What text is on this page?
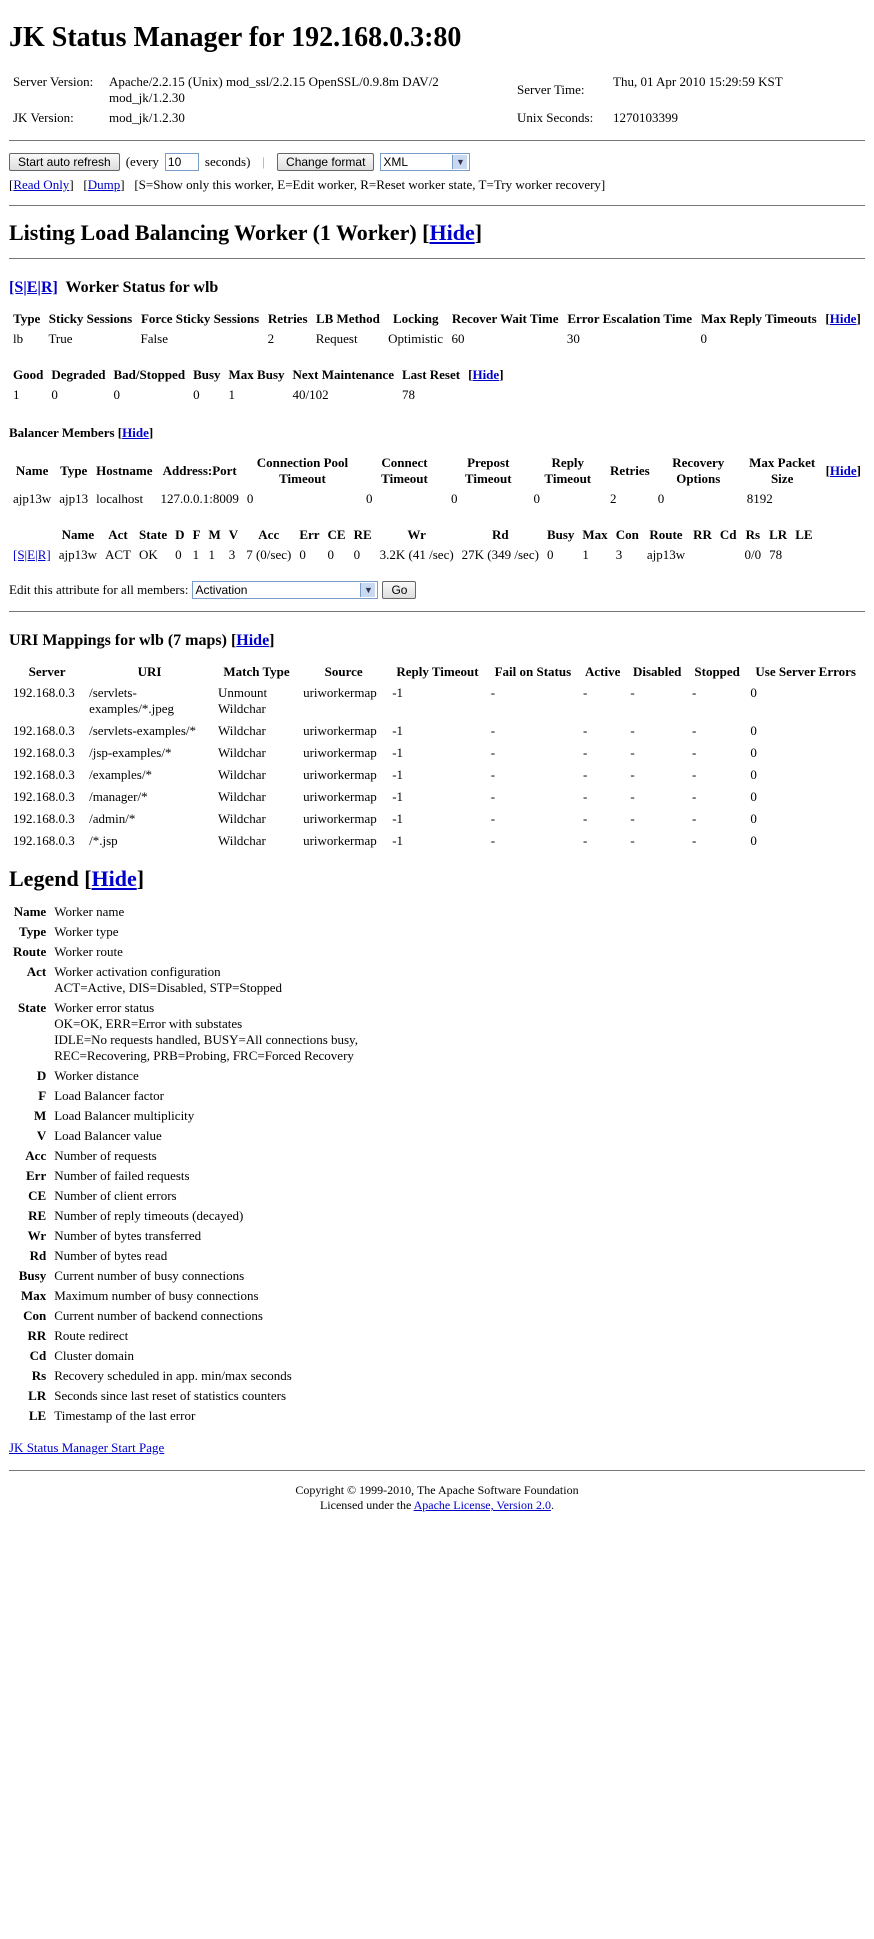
JK Status Manager for 192.168.0.3:80
Server Version:	Apache/2.2.15 (Unix) mod_ssl/2.2.15 OpenSSL/0.9.8m DAV/2 mod_jk/1.2.30	Server Time:	Thu, 01 Apr 2010 15:29:59 KST
JK Version:	mod_jk/1.2.30	Unix Seconds:	1270103399
Start auto refresh	(every
10	seconds) |	Change format	XML	▼
[Read Only]   [Dump]   [S=Show only this worker, E=Edit worker, R=Reset worker state, T=Try worker recovery]
Listing Load Balancing Worker (1 Worker) [Hide]
[S|E|R] Worker Status for wlb
Type	Sticky Sessions	Force Sticky Sessions	Retries	LB Method	Locking	Recover Wait Time	Error Escalation Time	Max Reply Timeouts	[Hide]
lb	True	False	2	Request	Optimistic	60	30	0	

Good	Degraded	Bad/Stopped	Busy	Max Busy	Next Maintenance	Last Reset	[Hide]
1	0	0	0	1	40/102	78	
Balancer Members [Hide]
Name	Type	Hostname	Address:Port	Connection Pool Timeout	Connect Timeout	Prepost Timeout	Reply Timeout	Retries	Recovery Options	Max Packet Size	[Hide]
ajp13w	ajp13	localhost	127.0.0.1:8009	0	0	0	0	2	0	8192	

	Name	Act	State	D	F	M	V	Acc	Err	CE	RE	Wr	Rd	Busy	Max	Con	Route	RR	Cd	Rs	LR	LE
[S|E|R]	ajp13w	ACT	OK	0	1	1	3	7 (0/sec)	0	0	0	3.2K (41 /sec)	27K (349 /sec)	0	1	3	ajp13w			0/0	78	

Edit this attribute for all members: Activation	▼	Go
URI Mappings for wlb (7 maps) [Hide]
Server	URI	Match Type	Source	Reply Timeout	Fail on Status	Active	Disabled	Stopped	Use Server Errors
192.168.0.3	/servlets-examples/*.jpeg	Unmount Wildchar	uriworkermap	-1	-	-	-	-	0
192.168.0.3	/servlets-examples/*	Wildchar	uriworkermap	-1	-	-	-	-	0
192.168.0.3	/jsp-examples/*	Wildchar	uriworkermap	-1	-	-	-	-	0
192.168.0.3	/examples/*	Wildchar	uriworkermap	-1	-	-	-	-	0
192.168.0.3	/manager/*	Wildchar	uriworkermap	-1	-	-	-	-	0
192.168.0.3	/admin/*	Wildchar	uriworkermap	-1	-	-	-	-	0
192.168.0.3	/*.jsp	Wildchar	uriworkermap	-1	-	-	-	-	0
Legend [Hide]
Name	Worker name
Type	Worker type
Route	Worker route
Act	Worker activation configuration
ACT=Active, DIS=Disabled, STP=Stopped
State	Worker error status
OK=OK, ERR=Error with substates
IDLE=No requests handled, BUSY=All connections busy,
REC=Recovering, PRB=Probing, FRC=Forced Recovery
D	Worker distance
F	Load Balancer factor
M	Load Balancer multiplicity
V	Load Balancer value
Acc	Number of requests
Err	Number of failed requests
CE	Number of client errors
RE	Number of reply timeouts (decayed)
Wr	Number of bytes transferred
Rd	Number of bytes read
Busy	Current number of busy connections
Max	Maximum number of busy connections
Con	Current number of backend connections
RR	Route redirect
Cd	Cluster domain
Rs	Recovery scheduled in app. min/max seconds
LR	Seconds since last reset of statistics counters
LE	Timestamp of the last error

JK Status Manager Start Page

Copyright © 1999-2010, The Apache Software Foundation
Licensed under the Apache License, Version 2.0.
